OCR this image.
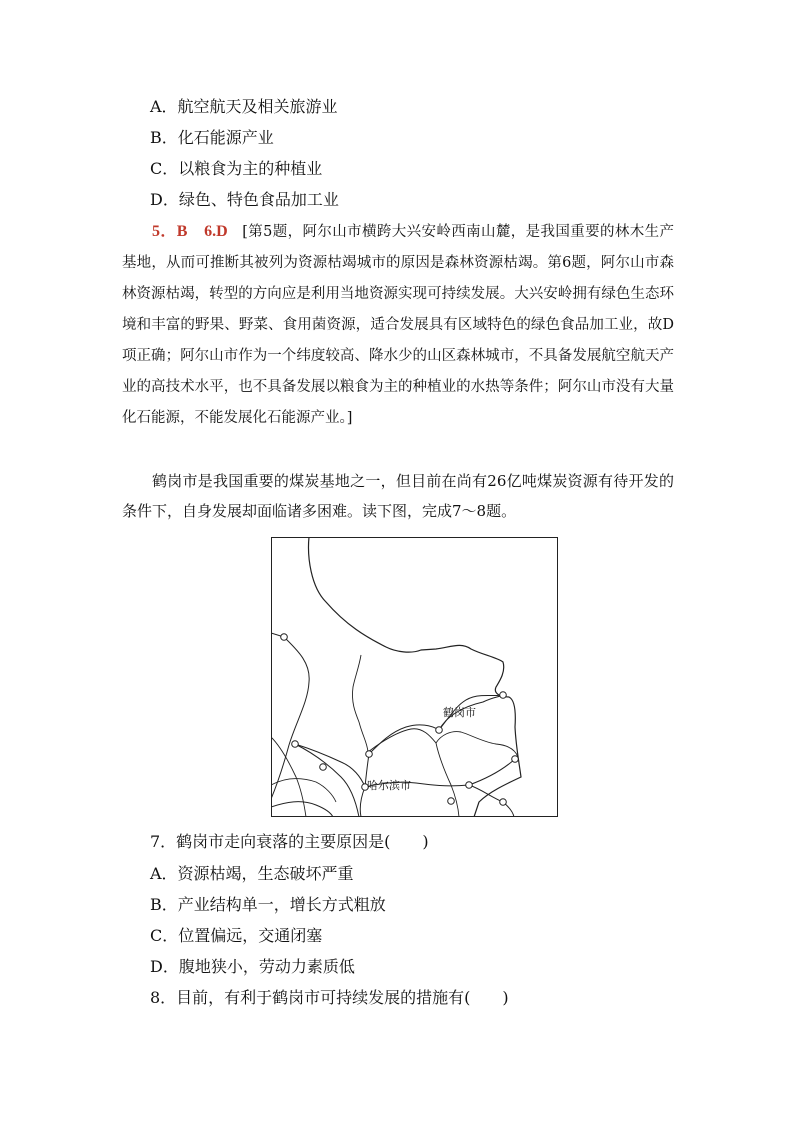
A．航空航天及相关旅游业
B．化石能源产业
C．以粮食为主的种植业
D．绿色、特色食品加工业
5．B　6.D  [第5题，阿尔山市横跨大兴安岭西南山麓，是我国重要的林木生产基地，从而可推断其被列为资源枯竭城市的原因是森林资源枯竭。第6题，阿尔山市森林资源枯竭，转型的方向应是利用当地资源实现可持续发展。大兴安岭拥有绿色生态环境和丰富的野果、野菜、食用菌资源，适合发展具有区域特色的绿色食品加工业，故D项正确；阿尔山市作为一个纬度较高、降水少的山区森林城市，不具备发展航空航天产业的高技术水平，也不具备发展以粮食为主的种植业的水热等条件；阿尔山市没有大量化石能源，不能发展化石能源产业。]
鹤岗市是我国重要的煤炭基地之一，但目前在尚有26亿吨煤炭资源有待开发的条件下，自身发展却面临诸多困难。读下图，完成7～8题。
鹤岗市
哈尔滨市
7．鹤岗市走向衰落的主要原因是(　　)
A．资源枯竭，生态破坏严重
B．产业结构单一，增长方式粗放
C．位置偏远，交通闭塞
D．腹地狭小，劳动力素质低
8．目前，有利于鹤岗市可持续发展的措施有(　　)
